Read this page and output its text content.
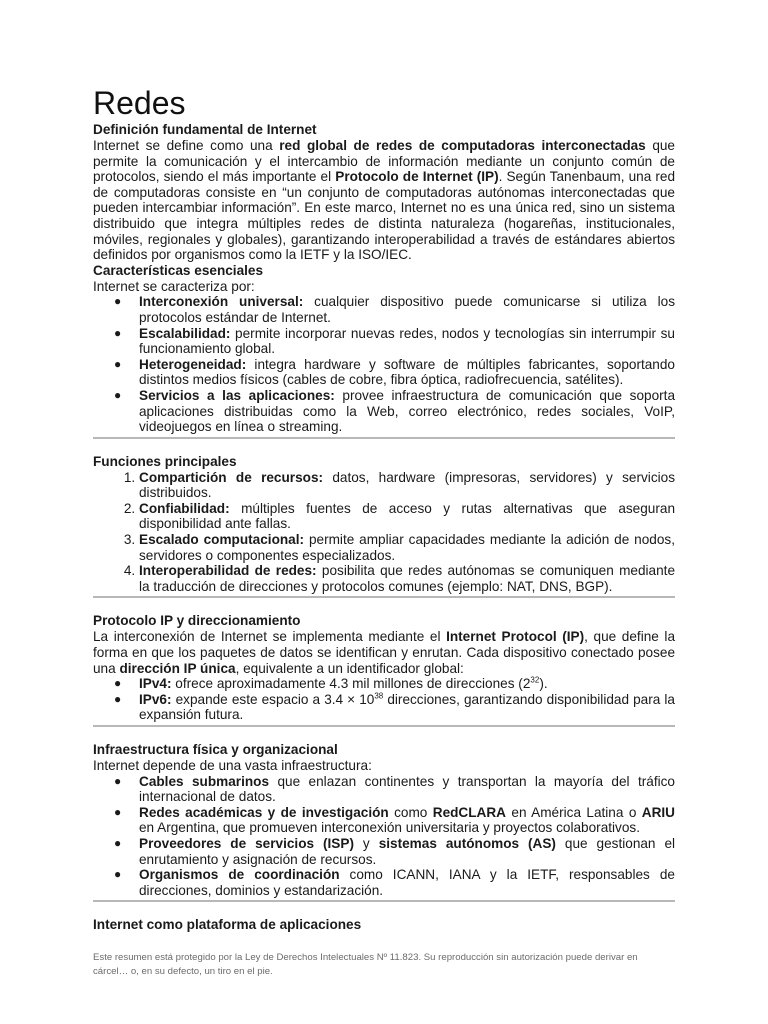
Redes
Definición fundamental de Internet

Internet se define como una red global de redes de computadoras interconectadas que permite la comunicación y el intercambio de información mediante un conjunto común de protocolos, siendo el más importante el Protocolo de Internet (IP). Según Tanenbaum, una red de computadoras consiste en “un conjunto de computadoras autónomas interconectadas que pueden intercambiar información”. En este marco, Internet no es una única red, sino un sistema distribuido que integra múltiples redes de distinta naturaleza (hogareñas, institucionales, móviles, regionales y globales), garantizando interoperabilidad a través de estándares abiertos definidos por organismos como la IETF y la ISO/IEC.

Características esenciales

Internet se caracteriza por:

● Interconexión universal: cualquier dispositivo puede comunicarse si utiliza los protocolos estándar de Internet.
● Escalabilidad: permite incorporar nuevas redes, nodos y tecnologías sin interrumpir su funcionamiento global.
● Heterogeneidad: integra hardware y software de múltiples fabricantes, soportando distintos medios físicos (cables de cobre, fibra óptica, radiofrecuencia, satélites).
● Servicios a las aplicaciones: provee infraestructura de comunicación que soporta aplicaciones distribuidas como la Web, correo electrónico, redes sociales, VoIP, videojuegos en línea o streaming.
Funciones principales
1. Compartición de recursos: datos, hardware (impresoras, servidores) y servicios distribuidos.
2. Confiabilidad: múltiples fuentes de acceso y rutas alternativas que aseguran disponibilidad ante fallas.
3. Escalado computacional: permite ampliar capacidades mediante la adición de nodos, servidores o componentes especializados.
4. Interoperabilidad de redes: posibilita que redes autónomas se comuniquen mediante la traducción de direcciones y protocolos comunes (ejemplo: NAT, DNS, BGP).
Protocolo IP y direccionamiento

La interconexión de Internet se implementa mediante el Internet Protocol (IP), que define la forma en que los paquetes de datos se identifican y enrutan. Cada dispositivo conectado posee una dirección IP única, equivalente a un identificador global:

● IPv4: ofrece aproximadamente 4.3 mil millones de direcciones $(2^{32})$.
● IPv6: expande este espacio a $3.4 \times 10^{38}$ direcciones, garantizando disponibilidad para la expansión futura.
Infraestructura física y organizacional

Internet depende de una vasta infraestructura:

● Cables submarinos que enlazan continentes y transportan la mayoría del tráfico internacional de datos.
● Redes académicas y de investigación como RedCLARA en América Latina o ARIU en Argentina, que promueven interconexión universitaria y proyectos colaborativos.
● Proveedores de servicios (ISP) y sistemas autónomos (AS) que gestionan el enrutamiento y asignación de recursos.
● Organismos de coordinación como ICANN, IANA y la IETF, responsables de direcciones, dominios y estandarización.
Internet como plataforma de aplicaciones
Este resumen está protegido por la Ley de Derechos Intelectuales Nº 11.823. Su reproducción sin autorización puede derivar en cárcel… o, en su defecto, un tiro en el pie.
